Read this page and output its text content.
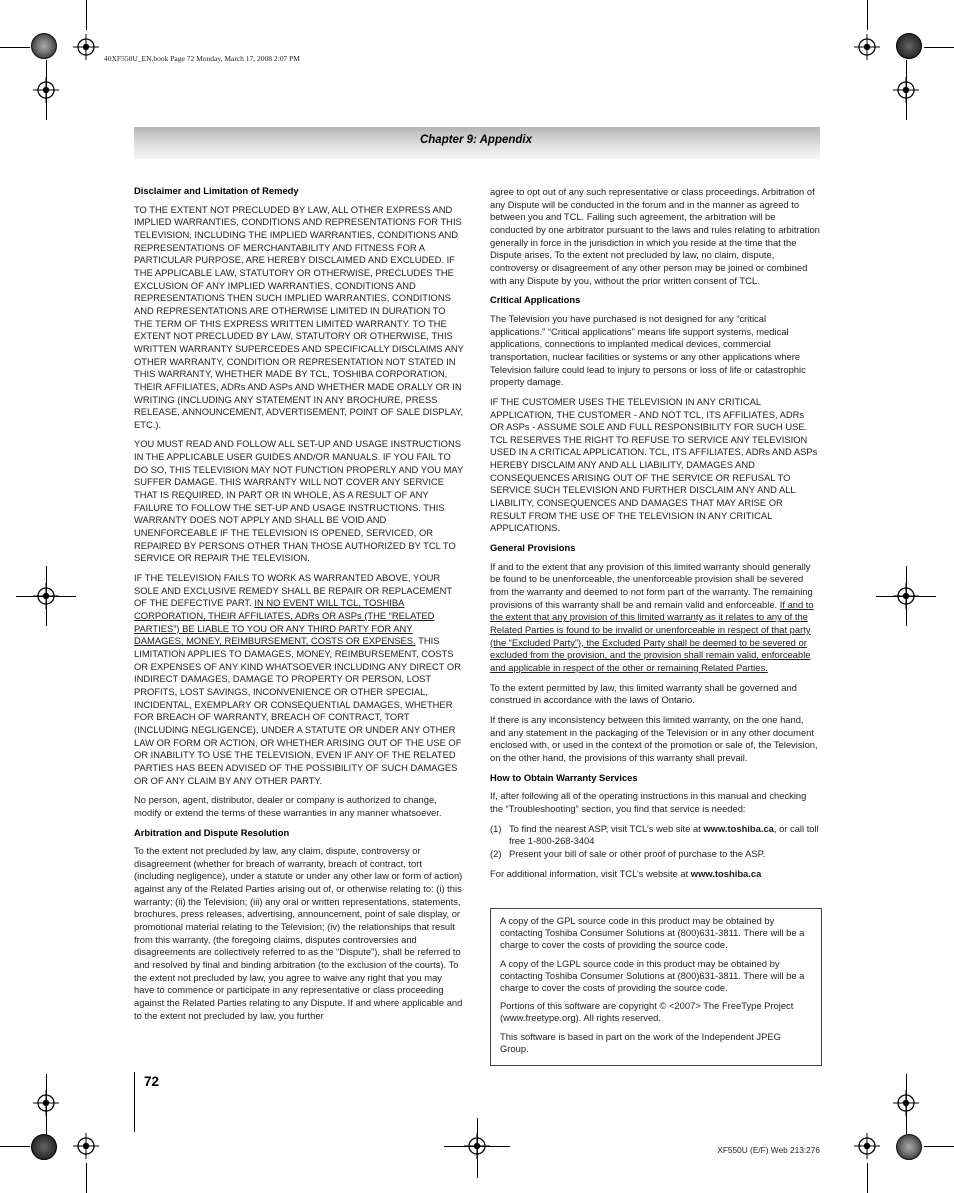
40XF550U_EN.book Page 72 Monday, March 17, 2008 2:07 PM
Chapter 9: Appendix
Disclaimer and Limitation of Remedy

TO THE EXTENT NOT PRECLUDED BY LAW, ALL OTHER EXPRESS AND IMPLIED WARRANTIES, CONDITIONS AND REPRESENTATIONS FOR THIS TELEVISION, INCLUDING THE IMPLIED WARRANTIES, CONDITIONS AND REPRESENTATIONS OF MERCHANTABILITY AND FITNESS FOR A PARTICULAR PURPOSE, ARE HEREBY DISCLAIMED AND EXCLUDED. IF THE APPLICABLE LAW, STATUTORY OR OTHERWISE, PRECLUDES THE EXCLUSION OF ANY IMPLIED WARRANTIES, CONDITIONS AND REPRESENTATIONS THEN SUCH IMPLIED WARRANTIES, CONDITIONS AND REPRESENTATIONS ARE OTHERWISE LIMITED IN DURATION TO THE TERM OF THIS EXPRESS WRITTEN LIMITED WARRANTY. TO THE EXTENT NOT PRECLUDED BY LAW, STATUTORY OR OTHERWISE, THIS WRITTEN WARRANTY SUPERCEDES AND SPECIFICALLY DISCLAIMS ANY OTHER WARRANTY, CONDITION OR REPRESENTATION NOT STATED IN THIS WARRANTY, WHETHER MADE BY TCL, TOSHIBA CORPORATION, THEIR AFFILIATES, ADRs AND ASPs AND WHETHER MADE ORALLY OR IN WRITING (INCLUDING ANY STATEMENT IN ANY BROCHURE, PRESS RELEASE, ANNOUNCEMENT, ADVERTISEMENT, POINT OF SALE DISPLAY, ETC.).

YOU MUST READ AND FOLLOW ALL SET-UP AND USAGE INSTRUCTIONS IN THE APPLICABLE USER GUIDES AND/OR MANUALS. IF YOU FAIL TO DO SO, THIS TELEVISION MAY NOT FUNCTION PROPERLY AND YOU MAY SUFFER DAMAGE. THIS WARRANTY WILL NOT COVER ANY SERVICE THAT IS REQUIRED, IN PART OR IN WHOLE, AS A RESULT OF ANY FAILURE TO FOLLOW THE SET-UP AND USAGE INSTRUCTIONS. THIS WARRANTY DOES NOT APPLY AND SHALL BE VOID AND UNENFORCEABLE IF THE TELEVISION IS OPENED, SERVICED, OR REPAIRED BY PERSONS OTHER THAN THOSE AUTHORIZED BY TCL TO SERVICE OR REPAIR THE TELEVISION.

IF THE TELEVISION FAILS TO WORK AS WARRANTED ABOVE, YOUR SOLE AND EXCLUSIVE REMEDY SHALL BE REPAIR OR REPLACEMENT OF THE DEFECTIVE PART. IN NO EVENT WILL TCL, TOSHIBA CORPORATION, THEIR AFFILIATES, ADRs OR ASPs (THE “RELATED PARTIES”) BE LIABLE TO YOU OR ANY THIRD PARTY FOR ANY DAMAGES, MONEY, REIMBURSEMENT, COSTS OR EXPENSES. THIS LIMITATION APPLIES TO DAMAGES, MONEY, REIMBURSEMENT, COSTS OR EXPENSES OF ANY KIND WHATSOEVER INCLUDING ANY DIRECT OR INDIRECT DAMAGES, DAMAGE TO PROPERTY OR PERSON, LOST PROFITS, LOST SAVINGS, INCONVENIENCE OR OTHER SPECIAL, INCIDENTAL, EXEMPLARY OR CONSEQUENTIAL DAMAGES, WHETHER FOR BREACH OF WARRANTY, BREACH OF CONTRACT, TORT (INCLUDING NEGLIGENCE), UNDER A STATUTE OR UNDER ANY OTHER LAW OR FORM OR ACTION, OR WHETHER ARISING OUT OF THE USE OF OR INABILITY TO USE THE TELEVISION, EVEN IF ANY OF THE RELATED PARTIES HAS BEEN ADVISED OF THE POSSIBILITY OF SUCH DAMAGES OR OF ANY CLAIM BY ANY OTHER PARTY.

No person, agent, distributor, dealer or company is authorized to change, modify or extend the terms of these warranties in any manner whatsoever.

Arbitration and Dispute Resolution

To the extent not precluded by law, any claim, dispute, controversy or disagreement (whether for breach of warranty, breach of contract, tort (including negligence), under a statute or under any other law or form of action) against any of the Related Parties arising out of, or otherwise relating to: (i) this warranty; (ii) the Television; (iii) any oral or written representations, statements, brochures, press releases, advertising, announcement, point of sale display, or promotional material relating to the Television; (iv) the relationships that result from this warranty, (the foregoing claims, disputes controversies and disagreements are collectively referred to as the “Dispute”), shall be referred to and resolved by final and binding arbitration (to the exclusion of the courts). To the extent not precluded by law, you agree to waive any right that you may have to commence or participate in any representative or class proceeding against the Related Parties relating to any Dispute. If and where applicable and to the extent not precluded by law, you further

agree to opt out of any such representative or class proceedings. Arbitration of any Dispute will be conducted in the forum and in the manner as agreed to between you and TCL. Failing such agreement, the arbitration will be conducted by one arbitrator pursuant to the laws and rules relating to arbitration generally in force in the jurisdiction in which you reside at the time that the Dispute arises. To the extent not precluded by law, no claim, dispute, controversy or disagreement of any other person may be joined or combined with any Dispute by you, without the prior written consent of TCL.

Critical Applications

The Television you have purchased is not designed for any “critical applications.” “Critical applications” means life support systems, medical applications, connections to implanted medical devices, commercial transportation, nuclear facilities or systems or any other applications where Television failure could lead to injury to persons or loss of life or catastrophic property damage.

IF THE CUSTOMER USES THE TELEVISION IN ANY CRITICAL APPLICATION, THE CUSTOMER - AND NOT TCL, ITS AFFILIATES, ADRs OR ASPs - ASSUME SOLE AND FULL RESPONSIBILITY FOR SUCH USE. TCL RESERVES THE RIGHT TO REFUSE TO SERVICE ANY TELEVISION USED IN A CRITICAL APPLICATION. TCL, ITS AFFILIATES, ADRs AND ASPs HEREBY DISCLAIM ANY AND ALL LIABILITY, DAMAGES AND CONSEQUENCES ARISING OUT OF THE SERVICE OR REFUSAL TO SERVICE SUCH TELEVISION AND FURTHER DISCLAIM ANY AND ALL LIABILITY, CONSEQUENCES AND DAMAGES THAT MAY ARISE OR RESULT FROM THE USE OF THE TELEVISION IN ANY CRITICAL APPLICATIONS.

General Provisions

If and to the extent that any provision of this limited warranty should generally be found to be unenforceable, the unenforceable provision shall be severed from the warranty and deemed to not form part of the warranty. The remaining provisions of this warranty shall be and remain valid and enforceable. If and to the extent that any provision of this limited warranty as it relates to any of the Related Parties is found to be invalid or unenforceable in respect of that party (the “Excluded Party”), the Excluded Party shall be deemed to be severed or excluded from the provision, and the provision shall remain valid, enforceable and applicable in respect of the other or remaining Related Parties.

To the extent permitted by law, this limited warranty shall be governed and construed in accordance with the laws of Ontario.

If there is any inconsistency between this limited warranty, on the one hand, and any statement in the packaging of the Television or in any other document enclosed with, or used in the context of the promotion or sale of, the Television, on the other hand, the provisions of this warranty shall prevail.

How to Obtain Warranty Services

If, after following all of the operating instructions in this manual and checking the “Troubleshooting” section, you find that service is needed:

(1) To find the nearest ASP, visit TCL’s web site at www.toshiba.ca, or call toll free 1-800-268-3404
(2) Present your bill of sale or other proof of purchase to the ASP.

For additional information, visit TCL’s website at www.toshiba.ca

A copy of the GPL source code in this product may be obtained by contacting Toshiba Consumer Solutions at (800)631-3811. There will be a charge to cover the costs of providing the source code.

A copy of the LGPL source code in this product may be obtained by contacting Toshiba Consumer Solutions at (800)631-3811. There will be a charge to cover the costs of providing the source code.

Portions of this software are copyright © <2007> The FreeType Project (www.freetype.org). All rights reserved.

This software is based in part on the work of the Independent JPEG Group.

72
XF550U (E/F) Web 213:276
